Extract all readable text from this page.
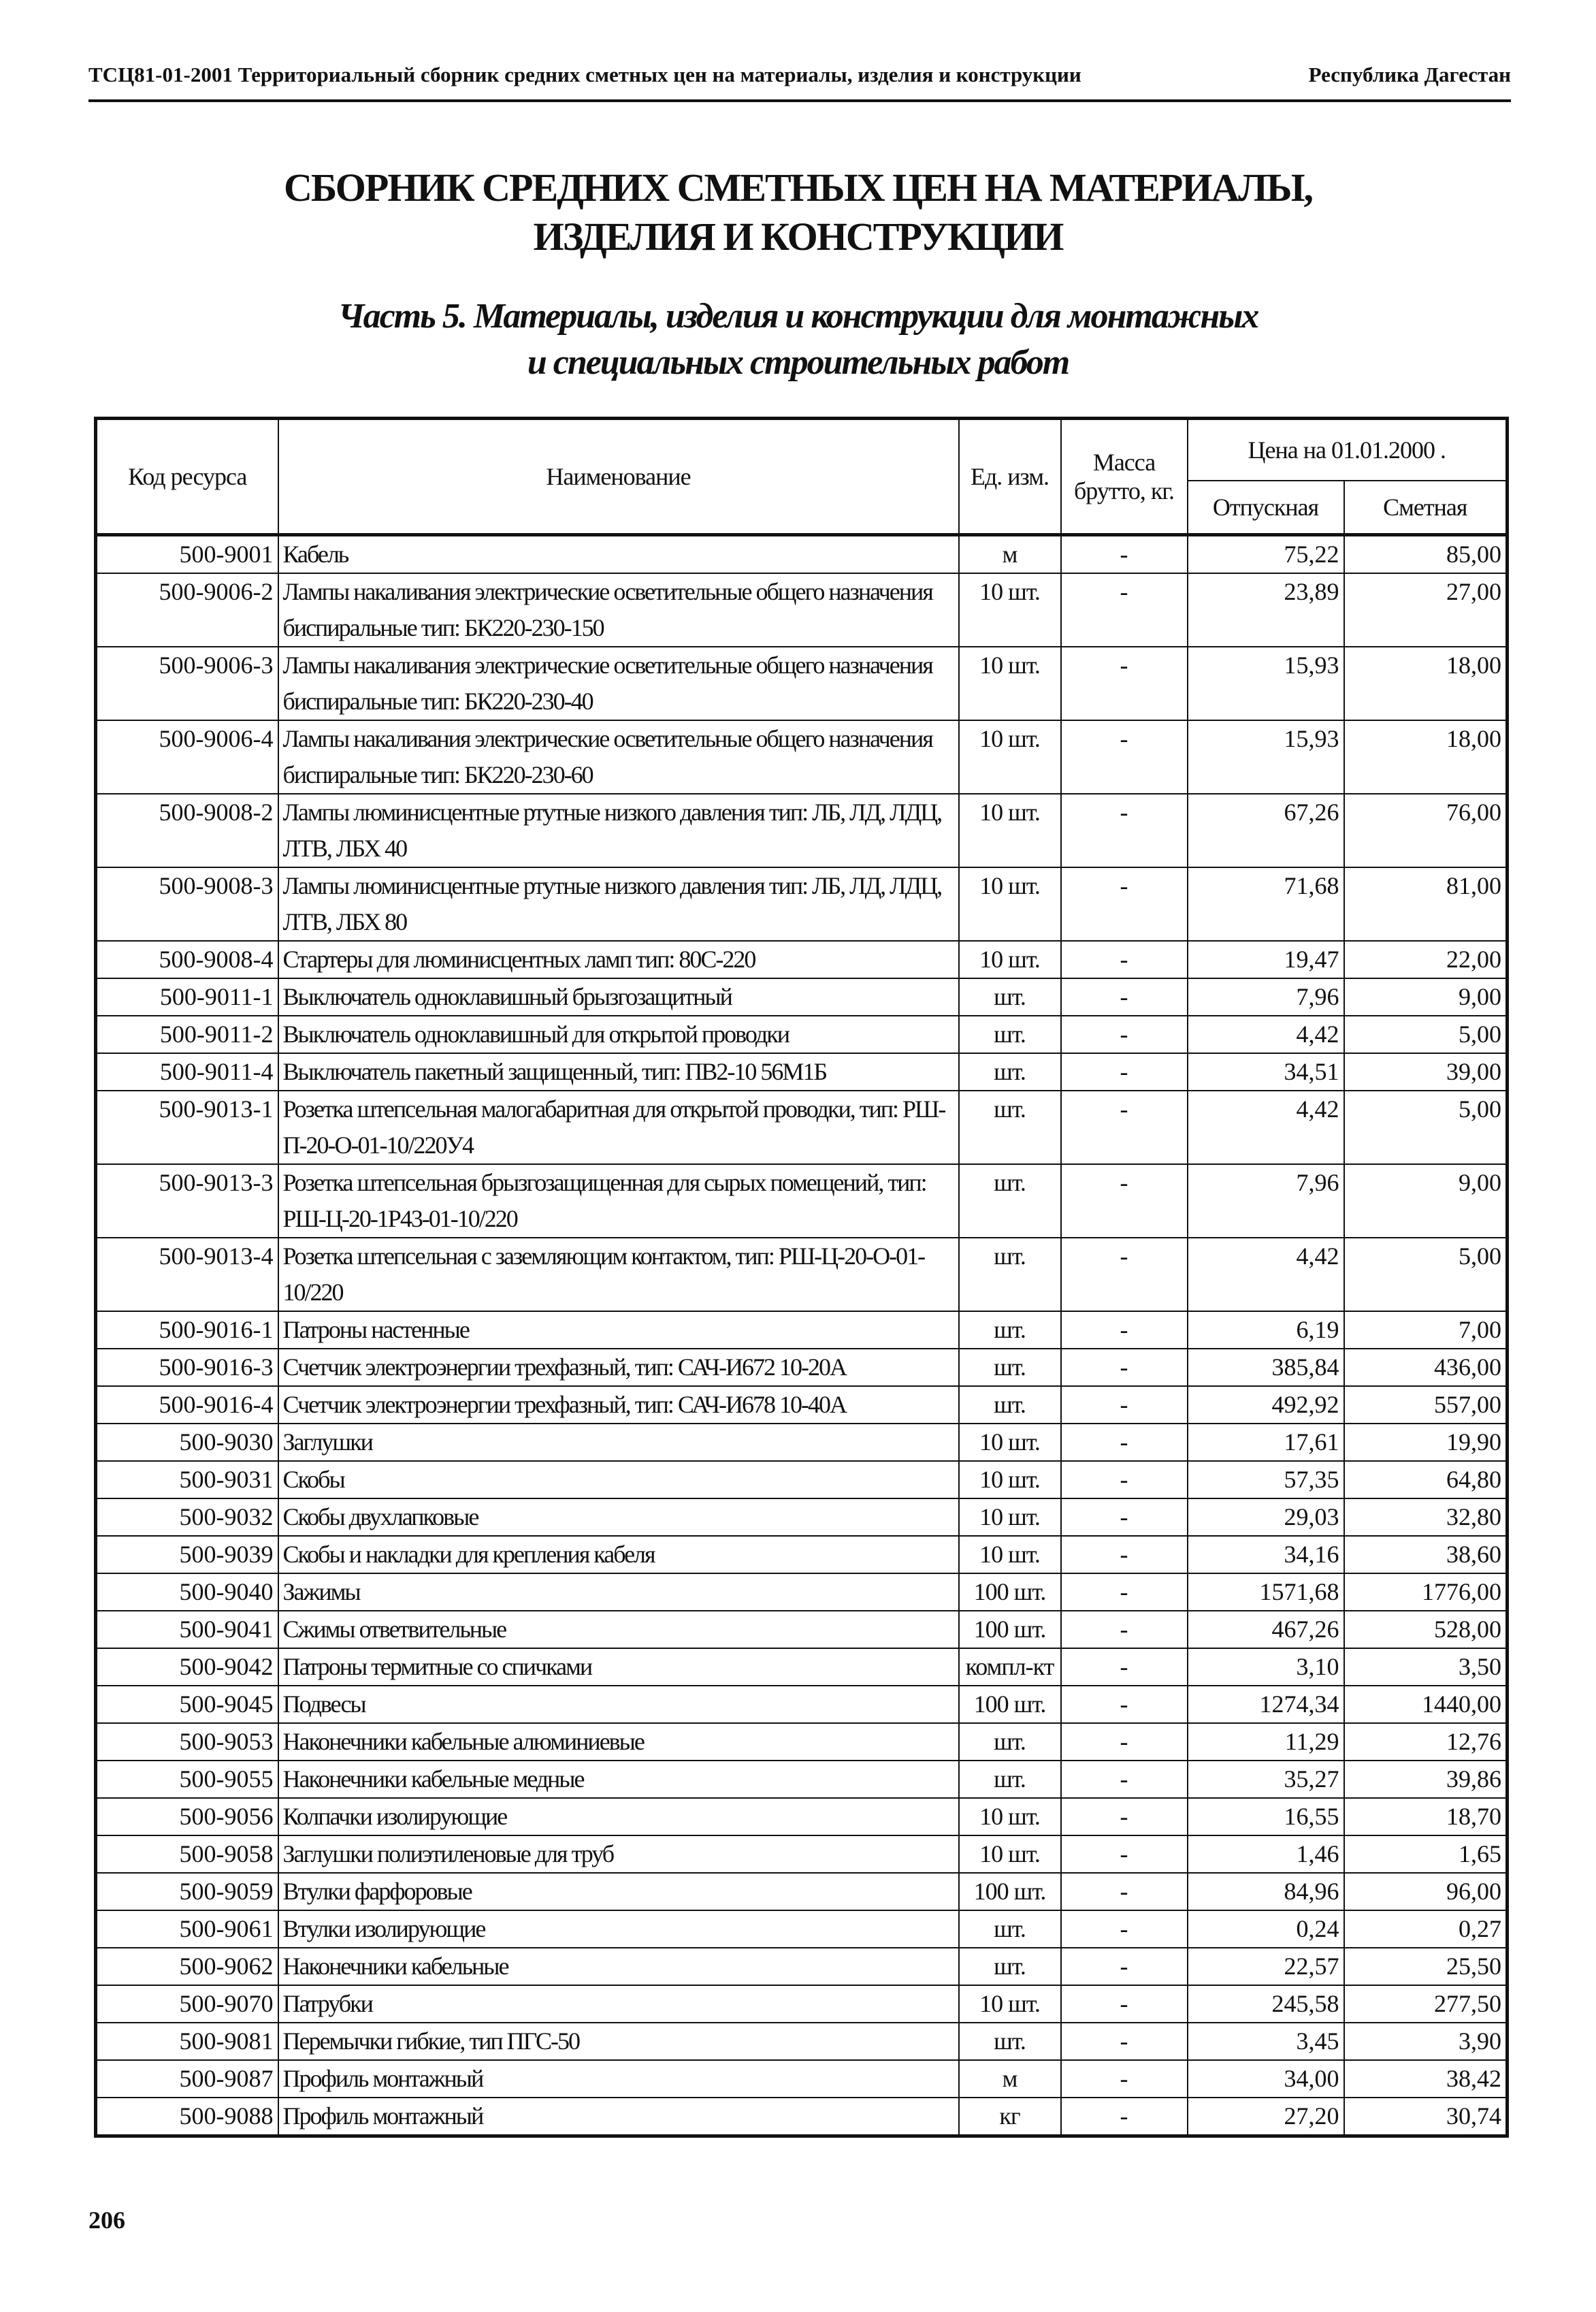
ТСЦ81-01-2001 Территориальный сборник средних сметных цен на материалы, изделия и конструкции	Республика Дагестан
СБОРНИК СРЕДНИХ СМЕТНЫХ ЦЕН НА МАТЕРИАЛЫ,
ИЗДЕЛИЯ И КОНСТРУКЦИИ
Часть 5. Материалы, изделия и конструкции для монтажных
и специальных строительных работ
Код ресурса	Наименование	Ед. изм.	Масса брутто, кг.	Цена на 01.01.2000 .	
				Отпускная	Сметная
500-9001	Кабель	м	-	75,22	85,00
500-9006-2	Лампы накаливания электрические осветительные общего назначения биспиральные тип: БК220-230-150	10 шт.	-	23,89	27,00
500-9006-3	Лампы накаливания электрические осветительные общего назначения биспиральные тип: БК220-230-40	10 шт.	-	15,93	18,00
500-9006-4	Лампы накаливания электрические осветительные общего назначения биспиральные тип: БК220-230-60	10 шт.	-	15,93	18,00
500-9008-2	Лампы люминисцентные ртутные низкого давления тип: ЛБ, ЛД, ЛДЦ, ЛТВ, ЛБХ 40	10 шт.	-	67,26	76,00
500-9008-3	Лампы люминисцентные ртутные низкого давления тип: ЛБ, ЛД, ЛДЦ, ЛТВ, ЛБХ 80	10 шт.	-	71,68	81,00
500-9008-4	Стартеры для люминисцентных ламп тип: 80С-220	10 шт.	-	19,47	22,00
500-9011-1	Выключатель одноклавишный брызгозащитный	шт.	-	7,96	9,00
500-9011-2	Выключатель одноклавишный для открытой проводки	шт.	-	4,42	5,00
500-9011-4	Выключатель пакетный защищенный, тип: ПВ2-10 56М1Б	шт.	-	34,51	39,00
500-9013-1	Розетка штепсельная малогабаритная для открытой проводки, тип: РШ-П-20-О-01-10/220У4	шт.	-	4,42	5,00
500-9013-3	Розетка штепсельная брызгозащищенная для сырых помещений, тип: РШ-Ц-20-1Р43-01-10/220	шт.	-	7,96	9,00
500-9013-4	Розетка штепсельная с заземляющим контактом, тип: РШ-Ц-20-О-01-10/220	шт.	-	4,42	5,00
500-9016-1	Патроны настенные	шт.	-	6,19	7,00
500-9016-3	Счетчик электроэнергии трехфазный, тип: САЧ-И672 10-20А	шт.	-	385,84	436,00
500-9016-4	Счетчик электроэнергии трехфазный, тип: САЧ-И678 10-40А	шт.	-	492,92	557,00
500-9030	Заглушки	10 шт.	-	17,61	19,90
500-9031	Скобы	10 шт.	-	57,35	64,80
500-9032	Скобы двухлапковые	10 шт.	-	29,03	32,80
500-9039	Скобы и накладки для крепления кабеля	10 шт.	-	34,16	38,60
500-9040	Зажимы	100 шт.	-	1571,68	1776,00
500-9041	Сжимы ответвительные	100 шт.	-	467,26	528,00
500-9042	Патроны термитные со спичками	компл-кт	-	3,10	3,50
500-9045	Подвесы	100 шт.	-	1274,34	1440,00
500-9053	Наконечники кабельные алюминиевые	шт.	-	11,29	12,76
500-9055	Наконечники кабельные медные	шт.	-	35,27	39,86
500-9056	Колпачки изолирующие	10 шт.	-	16,55	18,70
500-9058	Заглушки полиэтиленовые для труб	10 шт.	-	1,46	1,65
500-9059	Втулки фарфоровые	100 шт.	-	84,96	96,00
500-9061	Втулки изолирующие	шт.	-	0,24	0,27
500-9062	Наконечники кабельные	шт.	-	22,57	25,50
500-9070	Патрубки	10 шт.	-	245,58	277,50
500-9081	Перемычки гибкие, тип ПГС-50	шт.	-	3,45	3,90
500-9087	Профиль монтажный	м	-	34,00	38,42
500-9088	Профиль монтажный	кг	-	27,20	30,74
206
